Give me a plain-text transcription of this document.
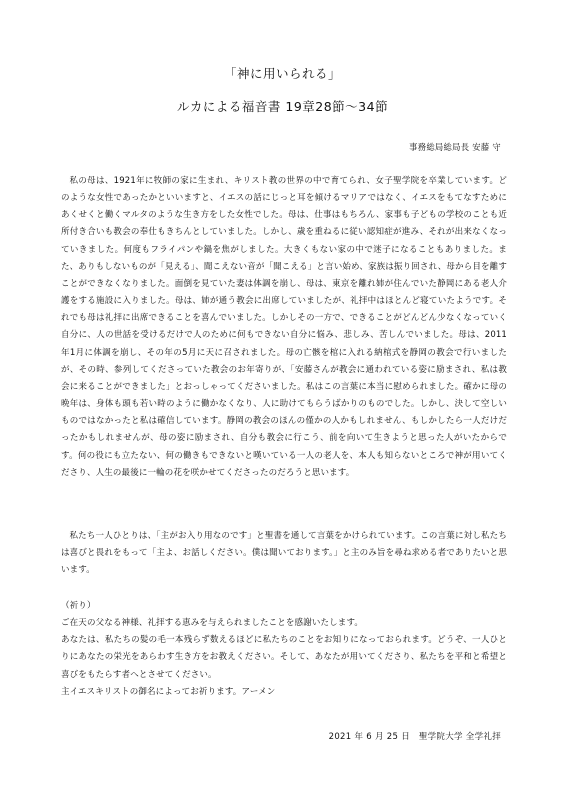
「神に用いられる」
ルカによる福音書 19章28節～34節
事務総局総局長 安藤 守

私の母は、1921年に牧師の家に生まれ、キリスト教の世界の中で育てられ、女子聖学院を卒業しています。どのような女性であったかといいますと、イエスの話にじっと耳を傾けるマリアではなく、イエスをもてなすためにあくせくと働くマルタのような生き方をした女性でした。母は、仕事はもちろん、家事も子どもの学校のことも近所付き合いも教会の奉仕もきちんとしていました。しかし、歳を重ねるに従い認知症が進み、それが出来なくなっていきました。何度もフライパンや鍋を焦がしました。大きくもない家の中で迷子になることもありました。また、ありもしないものが「見える」、聞こえない音が「聞こえる」と言い始め、家族は振り回され、母から目を離すことができなくなりました。面倒を見ていた妻は体調を崩し、母は、東京を離れ姉が住んでいた静岡にある老人介護をする施設に入りました。母は、姉が通う教会に出席していましたが、礼拝中はほとんど寝ていたようです。それでも母は礼拝に出席できることを喜んでいました。しかしその一方で、できることがどんどん少なくなっていく自分に、人の世話を受けるだけで人のために何もできない自分に悩み、悲しみ、苦しんでいました。母は、2011年1月に体調を崩し、その年の5月に天に召されました。母の亡骸を棺に入れる納棺式を静岡の教会で行いましたが、その時、参列してくださっていた教会のお年寄りが、「安藤さんが教会に通われている姿に励まされ、私は教会に来ることができました」とおっしゃってくださいました。私はこの言葉に本当に慰められました。確かに母の晩年は、身体も頭も若い時のように働かなくなり、人に助けてもらうばかりのものでした。しかし、決して空しいものではなかったと私は確信しています。静岡の教会のほんの僅かの人かもしれません、もしかしたら一人だけだったかもしれませんが、母の姿に励まされ、自分も教会に行こう、前を向いて生きようと思った人がいたからです。何の役にも立たない、何の働きもできないと嘆いている一人の老人を、本人も知らないところで神が用いてくださり、人生の最後に一輪の花を咲かせてくださったのだろうと思います。

私たち一人ひとりは、「主がお入り用なのです」と聖書を通して言葉をかけられています。この言葉に対し私たちは喜びと畏れをもって「主よ、お話しください。僕は聞いております。」と主のみ旨を尋ね求める者でありたいと思います。

（祈り）

ご在天の父なる神様、礼拝する恵みを与えられましたことを感謝いたします。

あなたは、私たちの髪の毛一本残らず数えるほどに私たちのことをお知りになっておられます。どうぞ、一人ひとりにあなたの栄光をあらわす生き方をお教えください。そして、あなたが用いてくださり、私たちを平和と希望と喜びをもたらす者へとさせてください。

主イエスキリストの御名によってお祈ります。アーメン

2021 年 6 月 25 日　聖学院大学 全学礼拝
